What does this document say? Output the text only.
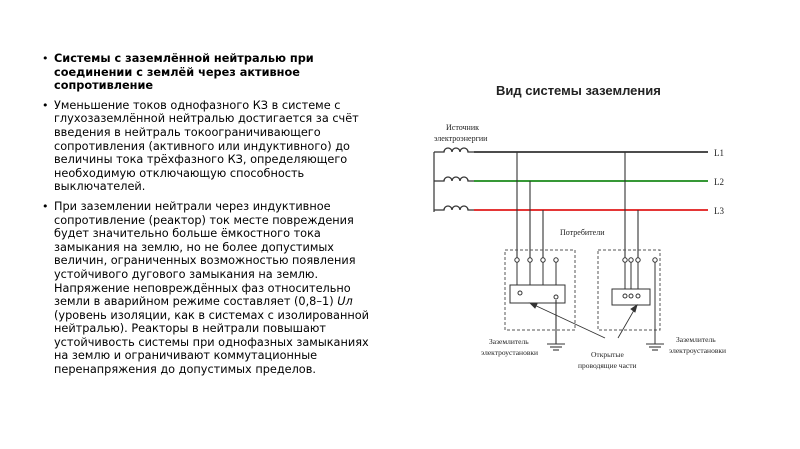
• Системы с заземлённой нейтралью при соединении с землёй через активное сопротивление
• Уменьшение токов однофазного КЗ в системе с глухозаземлённой нейтралью достигается за счёт введения в нейтраль токоограничивающего сопротивления (активного или индуктивного) до величины тока трёхфазного КЗ, определяющего необходимую отключающую способность выключателей.
• При заземлении нейтрали через индуктивное сопротивление (реактор) ток месте повреждения будет значительно больше ёмкостного тока замыкания на землю, но не более допустимых величин, ограниченных возможностью появления устойчивого дугового замыкания на землю. Напряжение неповреждённых фаз относительно земли в аварийном режиме составляет (0,8–1) Uл (уровень изоляции, как в системах с изолированной нейтралью). Реакторы в нейтрали повышают устойчивость системы при однофазных замыканиях на землю и ограничивают коммутационные перенапряжения до допустимых пределов.
Вид системы заземления
Источник
электроэнергии
L1
L2
L3
Потребители
Заземлитель
электроустановки	Открытые
проводящие части
Заземлитель
электроустановки
